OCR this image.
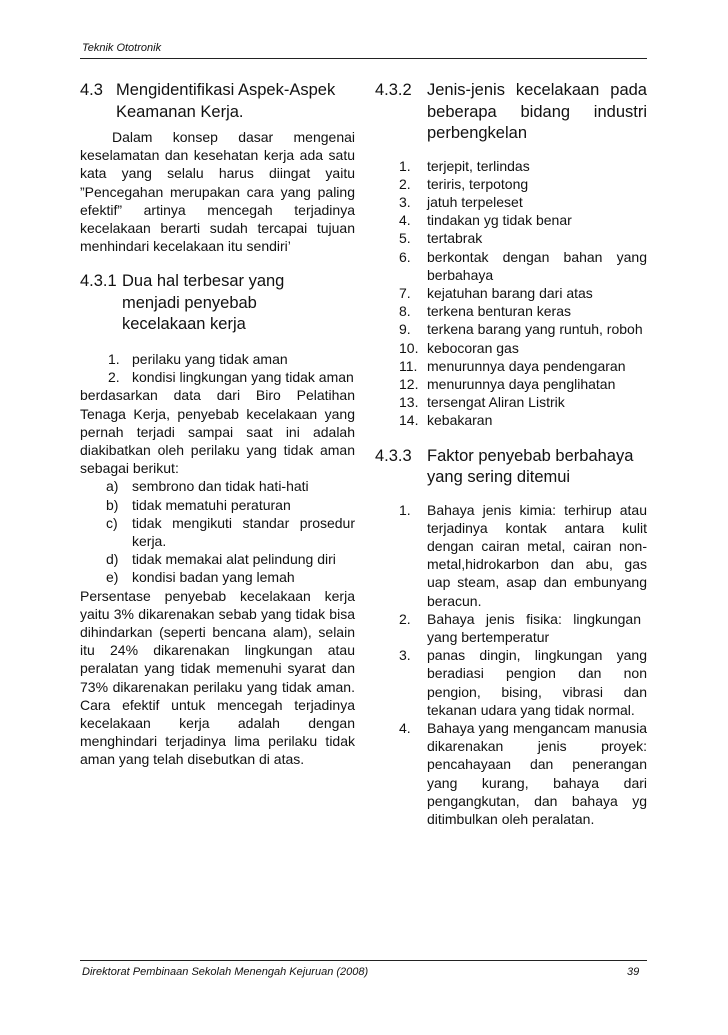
Teknik Ototronik
4.3 Mengidentifikasi Aspek-Aspek Keamanan Kerja.

Dalam konsep dasar mengenai keselamatan dan kesehatan kerja ada satu kata yang selalu harus diingat yaitu ”Pencegahan merupakan cara yang paling efektif” artinya mencegah terjadinya kecelakaan berarti sudah tercapai tujuan menhindari kecelakaan itu sendiri’

4.3.1 Dua hal terbesar yang menjadi penyebab kecelakaan kerja
1. perilaku yang tidak aman
2. kondisi lingkungan yang tidak aman

berdasarkan data dari Biro Pelatihan Tenaga Kerja, penyebab kecelakaan yang pernah terjadi sampai saat ini adalah diakibatkan oleh perilaku yang tidak aman sebagai berikut:

a) sembrono dan tidak hati-hati
b) tidak mematuhi peraturan
c)	tidak mengikuti standar prosedur kerja.
d) tidak memakai alat pelindung diri
e) kondisi badan yang lemah

Persentase penyebab kecelakaan kerja yaitu 3% dikarenakan sebab yang tidak bisa dihindarkan (seperti bencana alam), selain itu 24% dikarenakan lingkungan atau peralatan yang tidak memenuhi syarat dan 73% dikarenakan perilaku yang tidak aman. Cara efektif untuk mencegah terjadinya kecelakaan kerja adalah dengan menghindari terjadinya lima perilaku tidak aman yang telah disebutkan di atas.

4.3.2 Jenis-jenis kecelakaan pada beberapa bidang industri perbengkelan
1.	terjepit, terlindas
2.	teriris, terpotong
3.	jatuh terpeleset
4.	tindakan yg tidak benar
5.	tertabrak
6.	berkontak dengan bahan yang berbahaya
7.	kejatuhan barang dari atas
8.	terkena benturan keras
9.	terkena barang yang runtuh, roboh
10. kebocoran gas
11. menurunnya daya pendengaran
12. menurunnya daya penglihatan
13. tersengat Aliran Listrik
14. kebakaran
4.3.3 Faktor penyebab berbahaya yang sering ditemui
1.	Bahaya jenis kimia: terhirup atau terjadinya kontak antara kulit dengan cairan metal, cairan non-metal,hidrokarbon dan abu, gas uap steam, asap dan embunyang beracun.
2.	Bahaya jenis fisika: lingkungan yang bertemperatur
3.	panas dingin, lingkungan yang beradiasi pengion dan non pengion, bising, vibrasi dan tekanan udara yang tidak normal.
4.	Bahaya yang mengancam manusia dikarenakan jenis proyek: pencahayaan dan penerangan yang kurang, bahaya dari pengangkutan, dan bahaya yg ditimbulkan oleh peralatan.
Direktorat Pembinaan Sekolah Menengah Kejuruan (2008)	39
